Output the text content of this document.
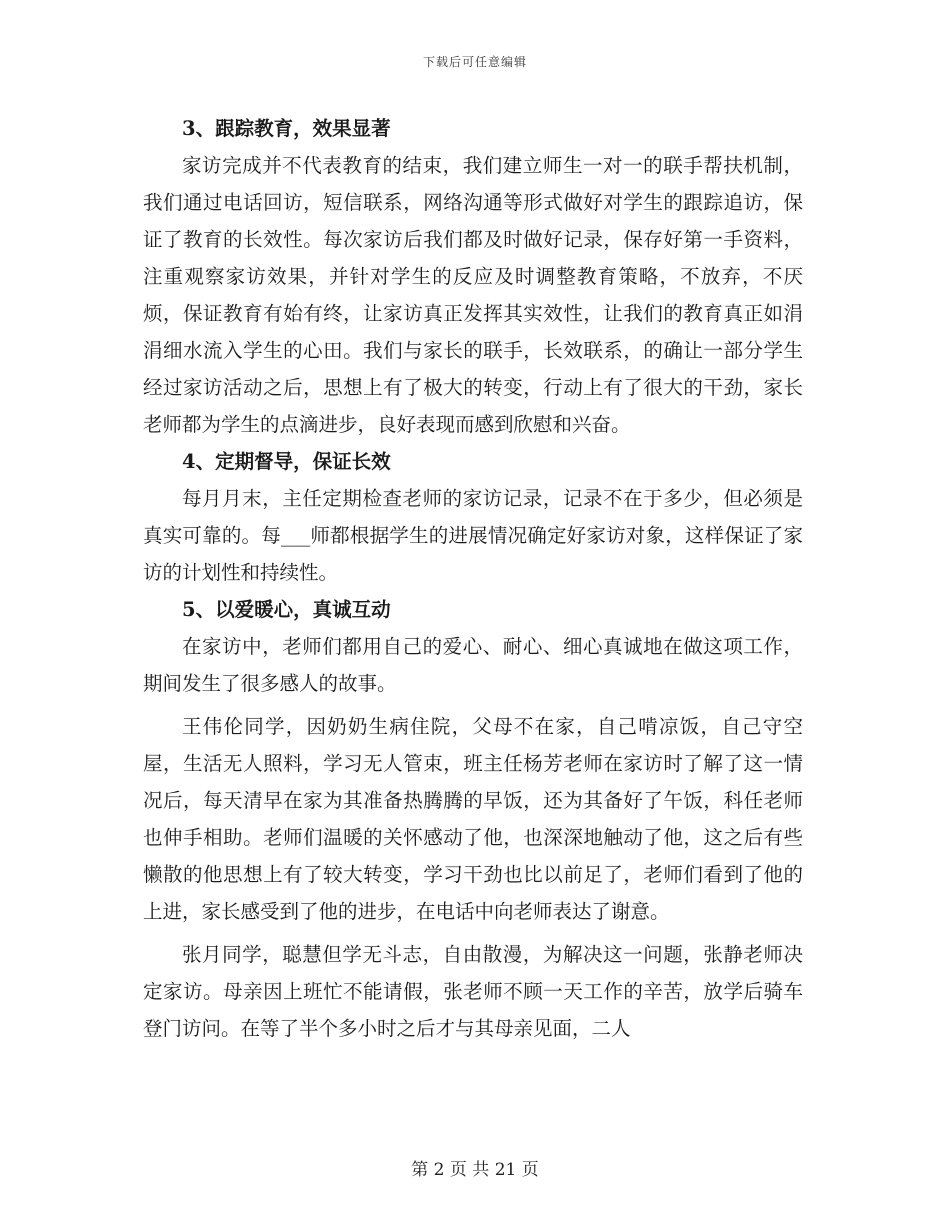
下载后可任意编辑
3、跟踪教育，效果显著

家访完成并不代表教育的结束，我们建立师生一对一的联手帮扶机制，我们通过电话回访，短信联系，网络沟通等形式做好对学生的跟踪追访，保证了教育的长效性。每次家访后我们都及时做好记录，保存好第一手资料，注重观察家访效果，并针对学生的反应及时调整教育策略，不放弃，不厌烦，保证教育有始有终，让家访真正发挥其实效性，让我们的教育真正如涓涓细水流入学生的心田。我们与家长的联手，长效联系，的确让一部分学生经过家访活动之后，思想上有了极大的转变，行动上有了很大的干劲，家长老师都为学生的点滴进步，良好表现而感到欣慰和兴奋。

4、定期督导，保证长效

每月月末，主任定期检查老师的家访记录，记录不在于多少，但必须是真实可靠的。每___师都根据学生的进展情况确定好家访对象，这样保证了家访的计划性和持续性。

5、以爱暖心，真诚互动

在家访中，老师们都用自己的爱心、耐心、细心真诚地在做这项工作，期间发生了很多感人的故事。

王伟伦同学，因奶奶生病住院，父母不在家，自己啃凉饭，自己守空屋，生活无人照料，学习无人管束，班主任杨芳老师在家访时了解了这一情况后，每天清早在家为其准备热腾腾的早饭，还为其备好了午饭，科任老师也伸手相助。老师们温暖的关怀感动了他，也深深地触动了他，这之后有些懒散的他思想上有了较大转变，学习干劲也比以前足了，老师们看到了他的上进，家长感受到了他的进步，在电话中向老师表达了谢意。

张月同学，聪慧但学无斗志，自由散漫，为解决这一问题，张静老师决定家访。母亲因上班忙不能请假，张老师不顾一天工作的辛苦，放学后骑车登门访问。在等了半个多小时之后才与其母亲见面，二人

第 2 页 共 21 页
